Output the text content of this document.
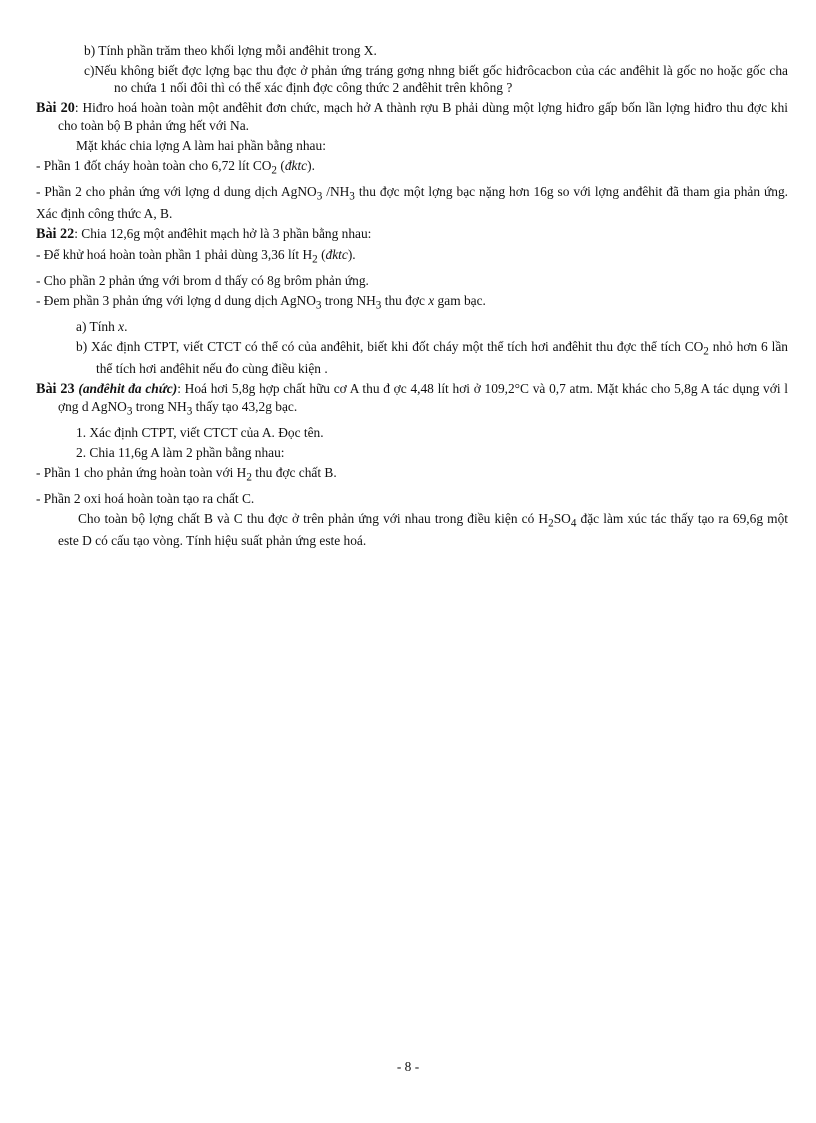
b) Tính phần trăm theo khối lợng mỗi anđêhit trong X.

c)Nếu không biết đợc lợng bạc thu đợc ở phản ứng tráng gơng nhng biết gốc hiđrôcacbon của các anđêhit là gốc no hoặc gốc cha no chứa 1 nối đôi thì có thể xác định đợc công thức 2 anđêhit trên không ?

Bài 20: Hiđro hoá hoàn toàn một anđêhit đơn chức, mạch hở A thành rợu B phải dùng một lợng hiđro gấp bốn lần lợng hiđro thu đợc khi cho toàn bộ B phản ứng hết với Na.

Mặt khác chia lợng A làm hai phần bằng nhau:

- Phần 1 đốt cháy hoàn toàn cho 6,72 lít $CO_2$ (đktc).

- Phần 2 cho phản ứng với lợng d dung dịch AgNO$_3$ $/NH_3$ thu đợc một lợng bạc nặng hơn 16g so với lợng anđêhit đã tham gia phản ứng. Xác định công thức A, B.

Bài 22: Chia 12,6g một anđêhit mạch hở là 3 phần bằng nhau:

- Để khử hoá hoàn toàn phần 1 phải dùng 3,36 lít $H_2$ (đktc).

- Cho phần 2 phản ứng với brom d thấy có 8g brôm phản ứng.

- Đem phần 3 phản ứng với lợng d dung dịch AgNO$_3$ trong $NH_3$ thu đợc x gam bạc.

a) Tính x.

b) Xác định CTPT, viết CTCT có thể có của anđêhit, biết khi đốt cháy một thể tích hơi anđêhit thu đợc thể tích $CO_2$ nhỏ hơn 6 lần thể tích hơi anđêhit nếu đo cùng điều kiện .

Bài 23 (anđêhit đa chức): Hoá hơi 5,8g hợp chất hữu cơ A thu đ ợc 4,48 lít hơi ở 109,2°C và 0,7 atm. Mặt khác cho 5,8g A tác dụng với l ợng d AgNO$_3$ trong $NH_3$ thấy tạo 43,2g bạc.

1. Xác định CTPT, viết CTCT của A. Đọc tên.

2. Chia 11,6g A làm 2 phần bằng nhau:

- Phần 1 cho phản ứng hoàn toàn với $H_2$ thu đợc chất B.

- Phần 2 oxi hoá hoàn toàn tạo ra chất C.

Cho toàn bộ lợng chất B và C thu đợc ở trên phản ứng với nhau trong điều kiện có $H_2SO_4$ đặc làm xúc tác thấy tạo ra 69,6g một este D có cấu tạo vòng. Tính hiệu suất phản ứng este hoá.

- 8 -
